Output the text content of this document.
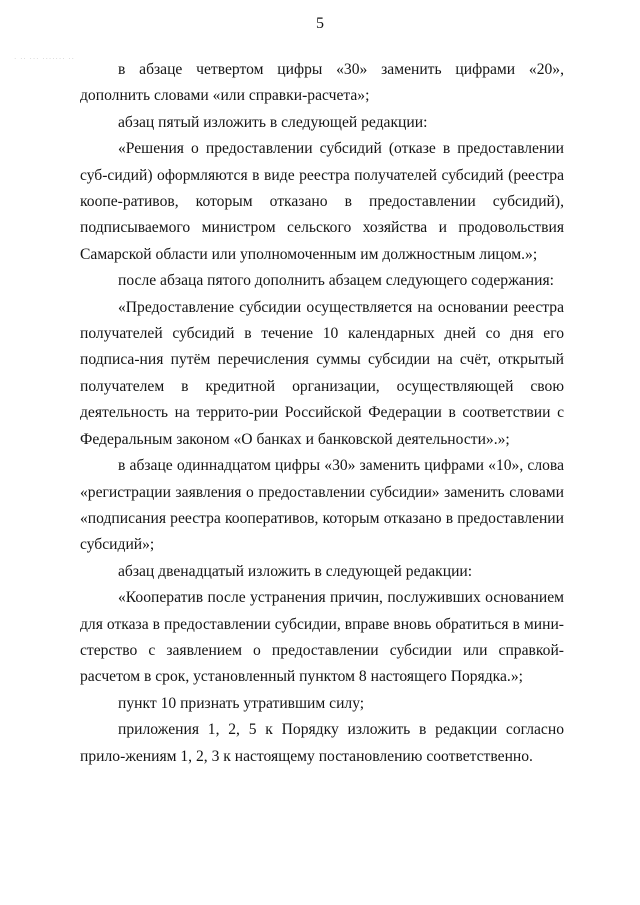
5
· ·· ··· ······· ··

в абзаце четвертом цифры «30» заменить цифрами «20», дополнить словами «или справки-расчета»;

абзац пятый изложить в следующей редакции:

«Решения о предоставлении субсидий (отказе в предоставлении суб-сидий) оформляются в виде реестра получателей субсидий (реестра коопе-ративов, которым отказано в предоставлении субсидий), подписываемого министром сельского хозяйства и продовольствия Самарской области или уполномоченным им должностным лицом.»;

после абзаца пятого дополнить абзацем следующего содержания:

«Предоставление субсидии осуществляется на основании реестра получателей субсидий в течение 10 календарных дней со дня его подписа-ния путём перечисления суммы субсидии на счёт, открытый получателем в кредитной организации, осуществляющей свою деятельность на террито-рии Российской Федерации в соответствии с Федеральным законом «О банках и банковской деятельности».»;

в абзаце одиннадцатом цифры «30» заменить цифрами «10», слова «регистрации заявления о предоставлении субсидии» заменить словами «подписания реестра кооперативов, которым отказано в предоставлении субсидий»;

абзац двенадцатый изложить в следующей редакции:

«Кооператив после устранения причин, послуживших основанием для отказа в предоставлении субсидии, вправе вновь обратиться в мини-стерство с заявлением о предоставлении субсидии или справкой-расчетом в срок, установленный пунктом 8 настоящего Порядка.»;

пункт 10 признать утратившим силу;

приложения 1, 2, 5 к Порядку изложить в редакции согласно прило-жениям 1, 2, 3 к настоящему постановлению соответственно.
